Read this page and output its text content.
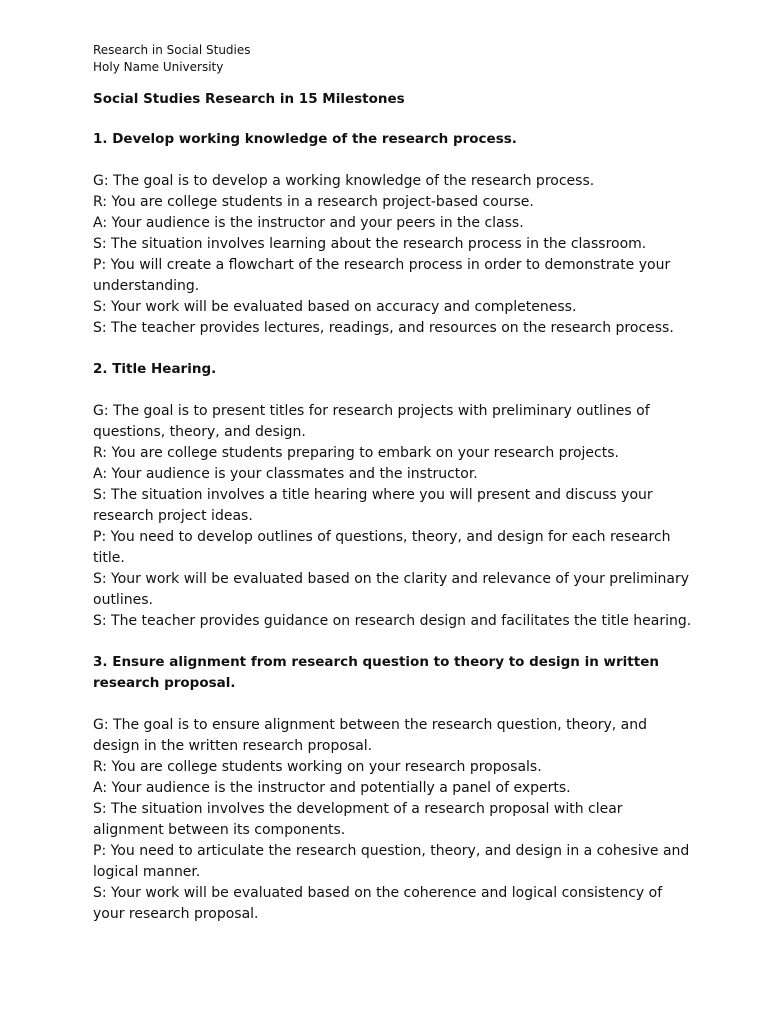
Research in Social Studies

Holy Name University

Social Studies Research in 15 Milestones

1. Develop working knowledge of the research process.

G: The goal is to develop a working knowledge of the research process.

R: You are college students in a research project-based course.

A: Your audience is the instructor and your peers in the class.

S: The situation involves learning about the research process in the classroom.

P: You will create a flowchart of the research process in order to demonstrate your understanding.

S: Your work will be evaluated based on accuracy and completeness.

S: The teacher provides lectures, readings, and resources on the research process.

2. Title Hearing.

G: The goal is to present titles for research projects with preliminary outlines of questions, theory, and design.

R: You are college students preparing to embark on your research projects.

A: Your audience is your classmates and the instructor.

S: The situation involves a title hearing where you will present and discuss your research project ideas.

P: You need to develop outlines of questions, theory, and design for each research title.

S: Your work will be evaluated based on the clarity and relevance of your preliminary outlines.

S: The teacher provides guidance on research design and facilitates the title hearing.

3. Ensure alignment from research question to theory to design in written research proposal.

G: The goal is to ensure alignment between the research question, theory, and design in the written research proposal.

R: You are college students working on your research proposals.

A: Your audience is the instructor and potentially a panel of experts.

S: The situation involves the development of a research proposal with clear alignment between its components.

P: You need to articulate the research question, theory, and design in a cohesive and logical manner.

S: Your work will be evaluated based on the coherence and logical consistency of your research proposal.
